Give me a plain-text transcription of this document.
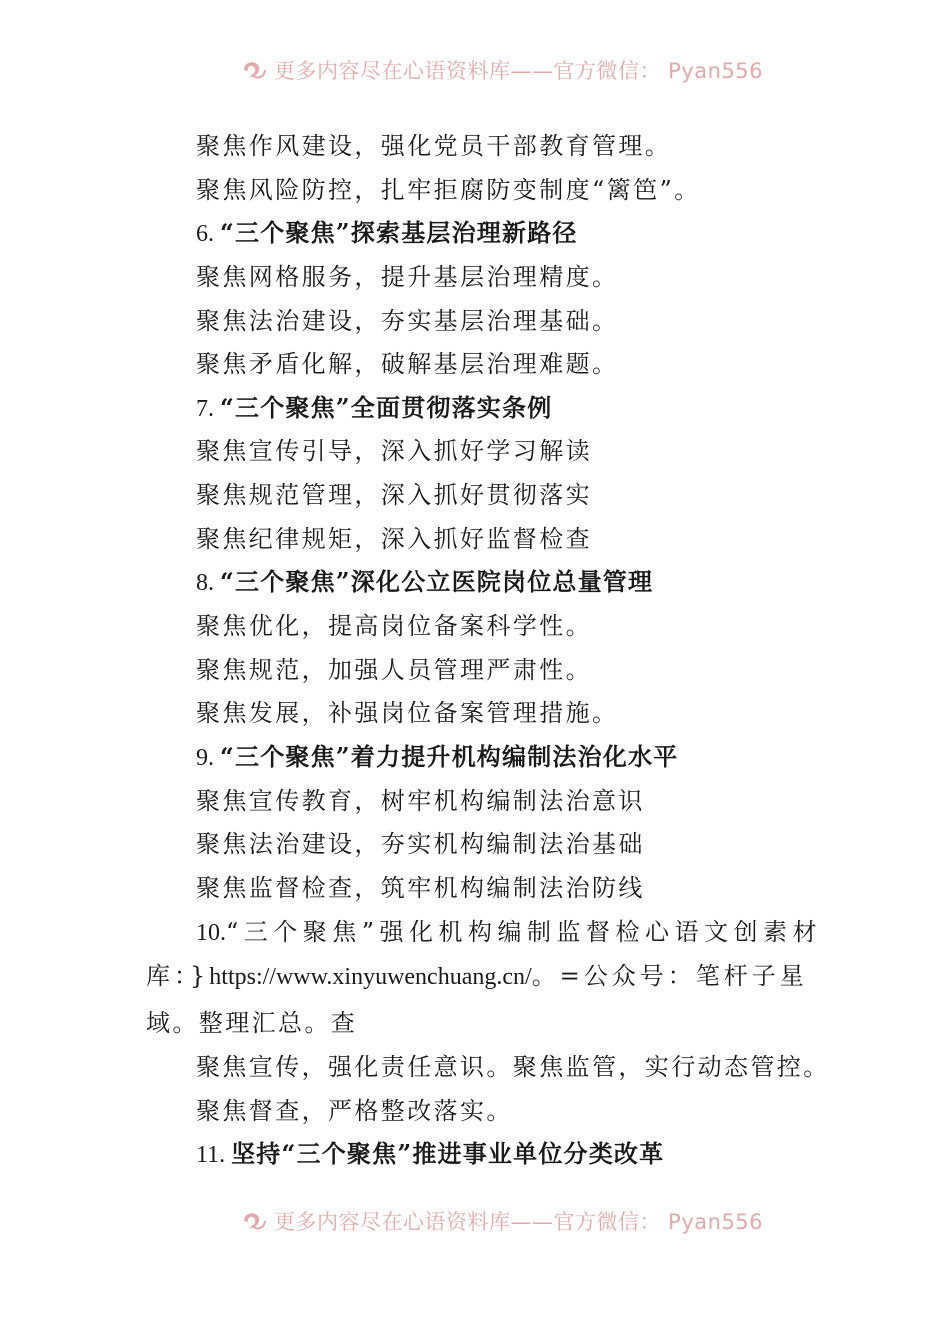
更多内容尽在心语资料库——官方微信： Pyan556
聚焦作风建设，强化党员干部教育管理。
聚焦风险防控，扎牢拒腐防变制度“篱笆”。
6. “三个聚焦”探索基层治理新路径
聚焦网格服务，提升基层治理精度。
聚焦法治建设，夯实基层治理基础。
聚焦矛盾化解，破解基层治理难题。
7. “三个聚焦”全面贯彻落实条例
聚焦宣传引导，深入抓好学习解读
聚焦规范管理，深入抓好贯彻落实
聚焦纪律规矩，深入抓好监督检查
8. “三个聚焦”深化公立医院岗位总量管理
聚焦优化，提高岗位备案科学性。
聚焦规范，加强人员管理严肃性。
聚焦发展，补强岗位备案管理措施。
9. “三个聚焦”着力提升机构编制法治化水平
聚焦宣传教育，树牢机构编制法治意识
聚焦法治建设，夯实机构编制法治基础
聚焦监督检查，筑牢机构编制法治防线
10.“三个聚焦”强化机构编制监督检心语文创素材
库：}https://www.xinyuwenchuang.cn/。=公众号：笔杆子星
域。整理汇总。查
聚焦宣传，强化责任意识。聚焦监管，实行动态管控。
聚焦督查，严格整改落实。
11. 坚持“三个聚焦”推进事业单位分类改革
更多内容尽在心语资料库——官方微信： Pyan556
